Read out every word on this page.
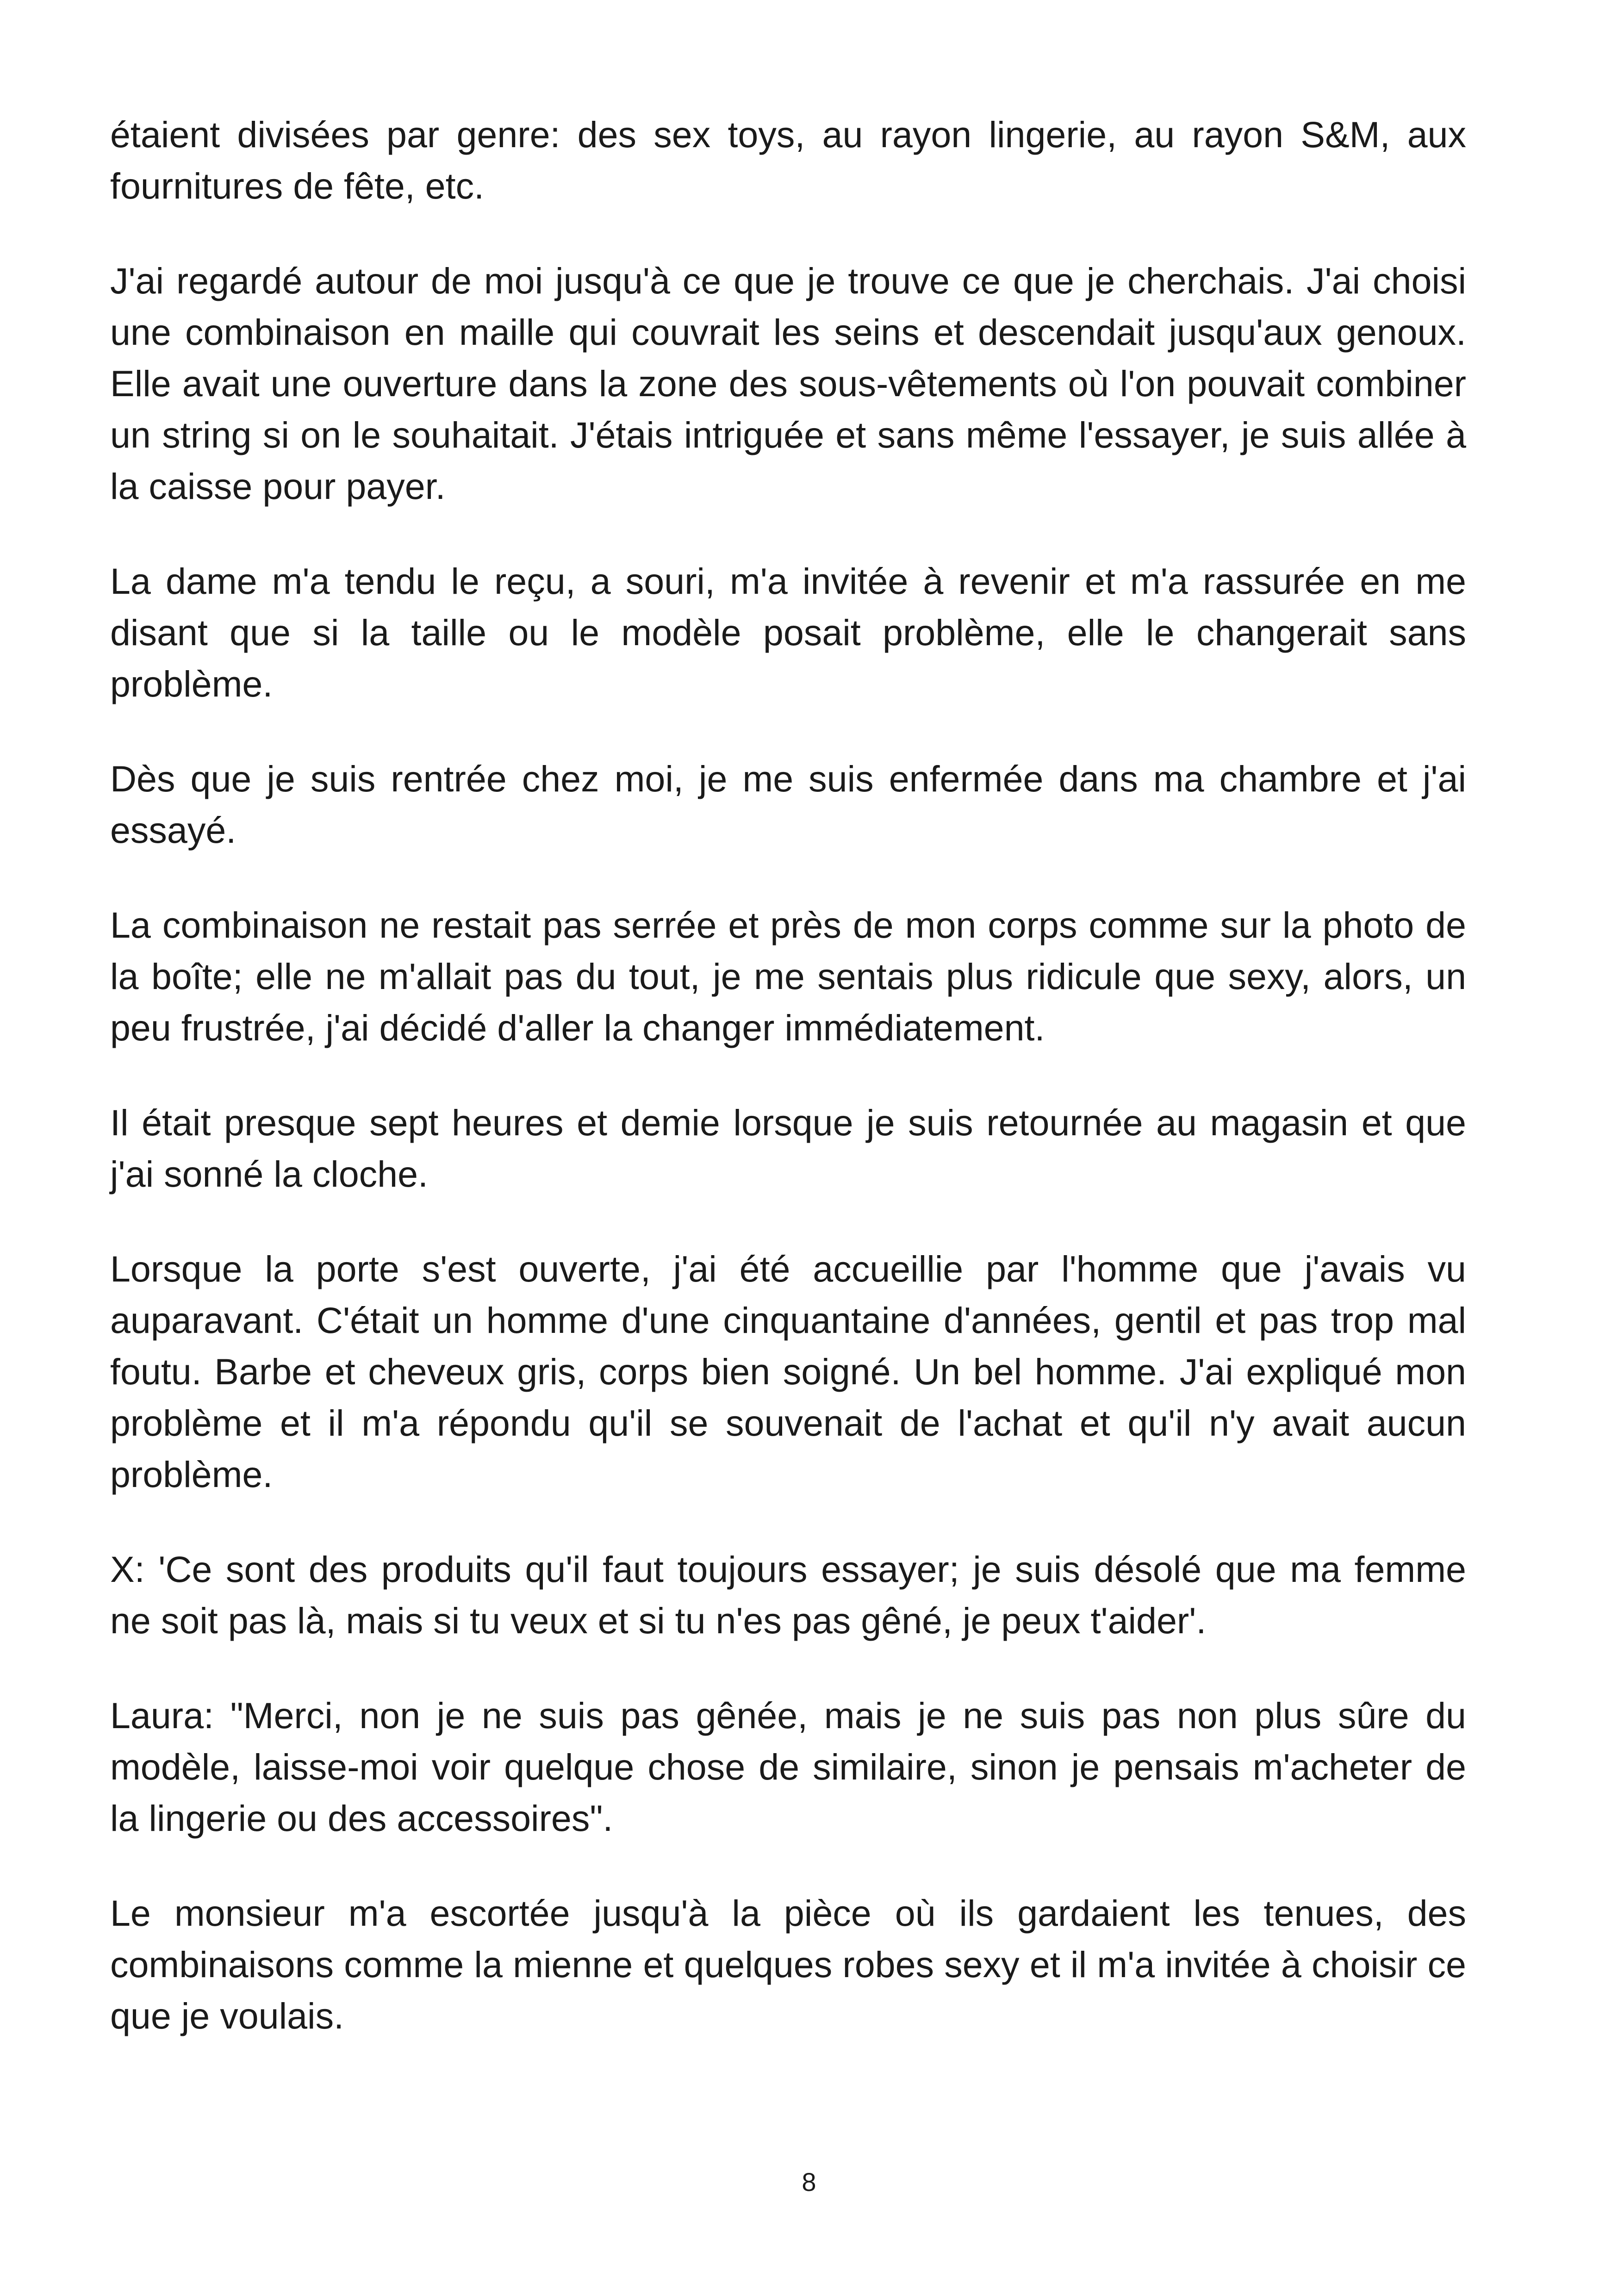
étaient divisées par genre: des sex toys, au rayon lingerie, au rayon S&M, aux fournitures de fête, etc.

J'ai regardé autour de moi jusqu'à ce que je trouve ce que je cherchais. J'ai choisi une combinaison en maille qui couvrait les seins et descendait jusqu'aux genoux. Elle avait une ouverture dans la zone des sous-vêtements où l'on pouvait combiner un string si on le souhaitait. J'étais intriguée et sans même l'essayer, je suis allée à la caisse pour payer.

La dame m'a tendu le reçu, a souri, m'a invitée à revenir et m'a rassurée en me disant que si la taille ou le modèle posait problème, elle le changerait sans problème.

Dès que je suis rentrée chez moi, je me suis enfermée dans ma chambre et j'ai essayé.

La combinaison ne restait pas serrée et près de mon corps comme sur la photo de la boîte; elle ne m'allait pas du tout, je me sentais plus ridicule que sexy, alors, un peu frustrée, j'ai décidé d'aller la changer immédiatement.

Il était presque sept heures et demie lorsque je suis retournée au magasin et que j'ai sonné la cloche.

Lorsque la porte s'est ouverte, j'ai été accueillie par l'homme que j'avais vu auparavant. C'était un homme d'une cinquantaine d'années, gentil et pas trop mal foutu. Barbe et cheveux gris, corps bien soigné. Un bel homme. J'ai expliqué mon problème et il m'a répondu qu'il se souvenait de l'achat et qu'il n'y avait aucun problème.

X: 'Ce sont des produits qu'il faut toujours essayer; je suis désolé que ma femme ne soit pas là, mais si tu veux et si tu n'es pas gêné, je peux t'aider'.

Laura: "Merci, non je ne suis pas gênée, mais je ne suis pas non plus sûre du modèle, laisse-moi voir quelque chose de similaire, sinon je pensais m'acheter de la lingerie ou des accessoires".

Le monsieur m'a escortée jusqu'à la pièce où ils gardaient les tenues, des combinaisons comme la mienne et quelques robes sexy et il m'a invitée à choisir ce que je voulais.

8
